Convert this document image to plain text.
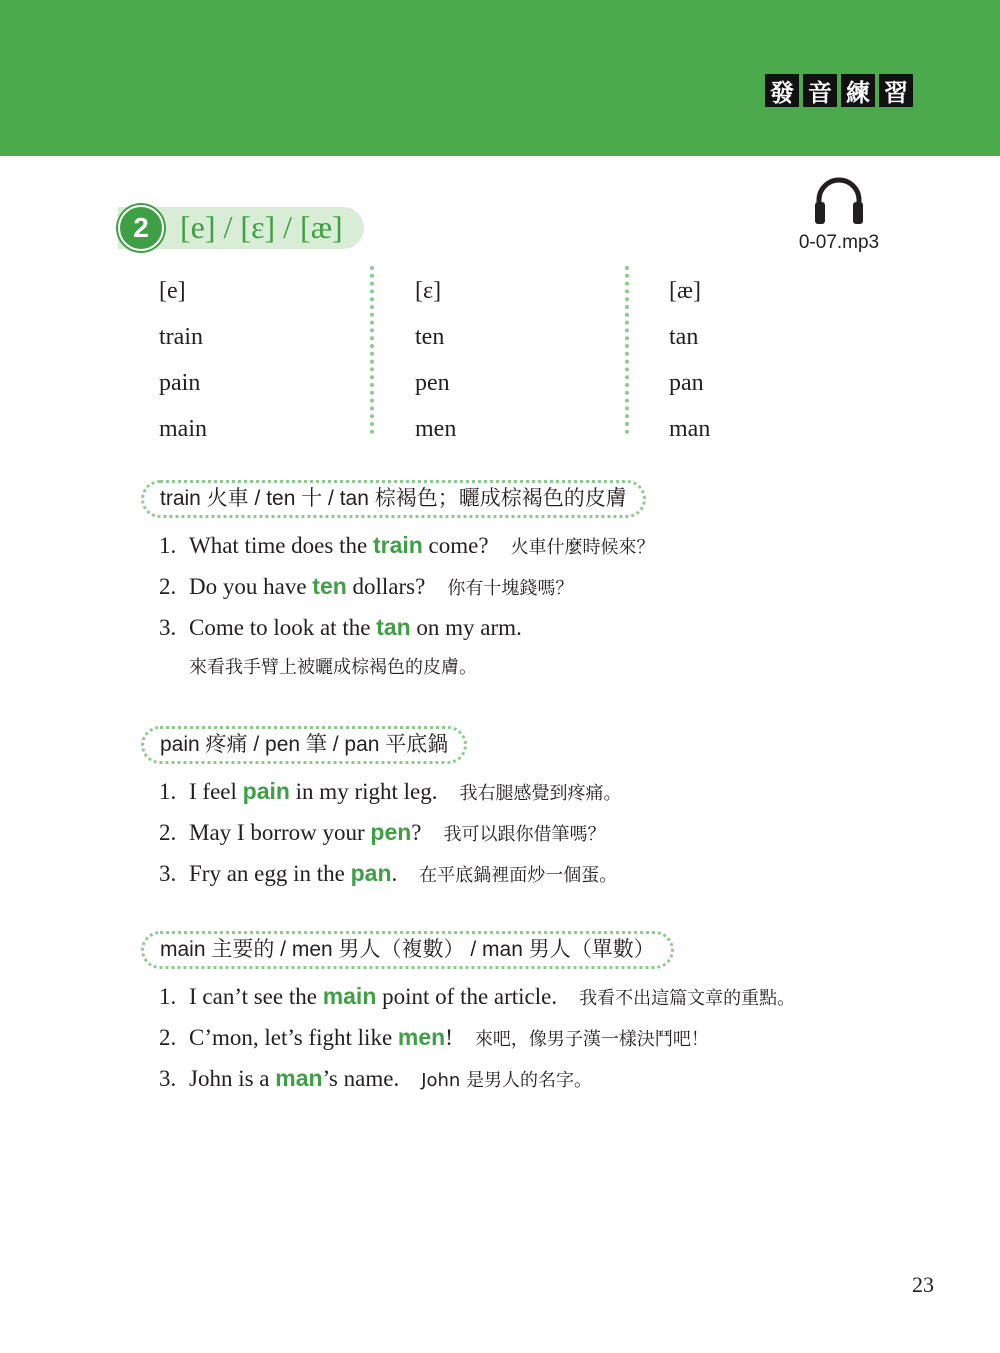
發 音 練 習
0-07.mp3
2 [e] / [ɛ] / [æ]
[e]
train
pain
main
[ɛ]
ten
pen
men
[æ]
tan
pan
man
train 火車 / ten 十 / tan 棕褐色；曬成棕褐色的皮膚
1. What time does the train come? 火車什麼時候來？
2. Do you have ten dollars? 你有十塊錢嗎？
3. Come to look at the tan on my arm.
來看我手臂上被曬成棕褐色的皮膚。
pain 疼痛 / pen 筆 / pan 平底鍋
1. I feel pain in my right leg. 我右腿感覺到疼痛。
2. May I borrow your pen? 我可以跟你借筆嗎？
3. Fry an egg in the pan. 在平底鍋裡面炒一個蛋。
main 主要的 / men 男人（複數） / man 男人（單數）
1. I can’t see the main point of the article. 我看不出這篇文章的重點。
2. C’mon, let’s fight like men! 來吧，像男子漢一樣決鬥吧！
3. John is a man’s name. John 是男人的名字。
23
